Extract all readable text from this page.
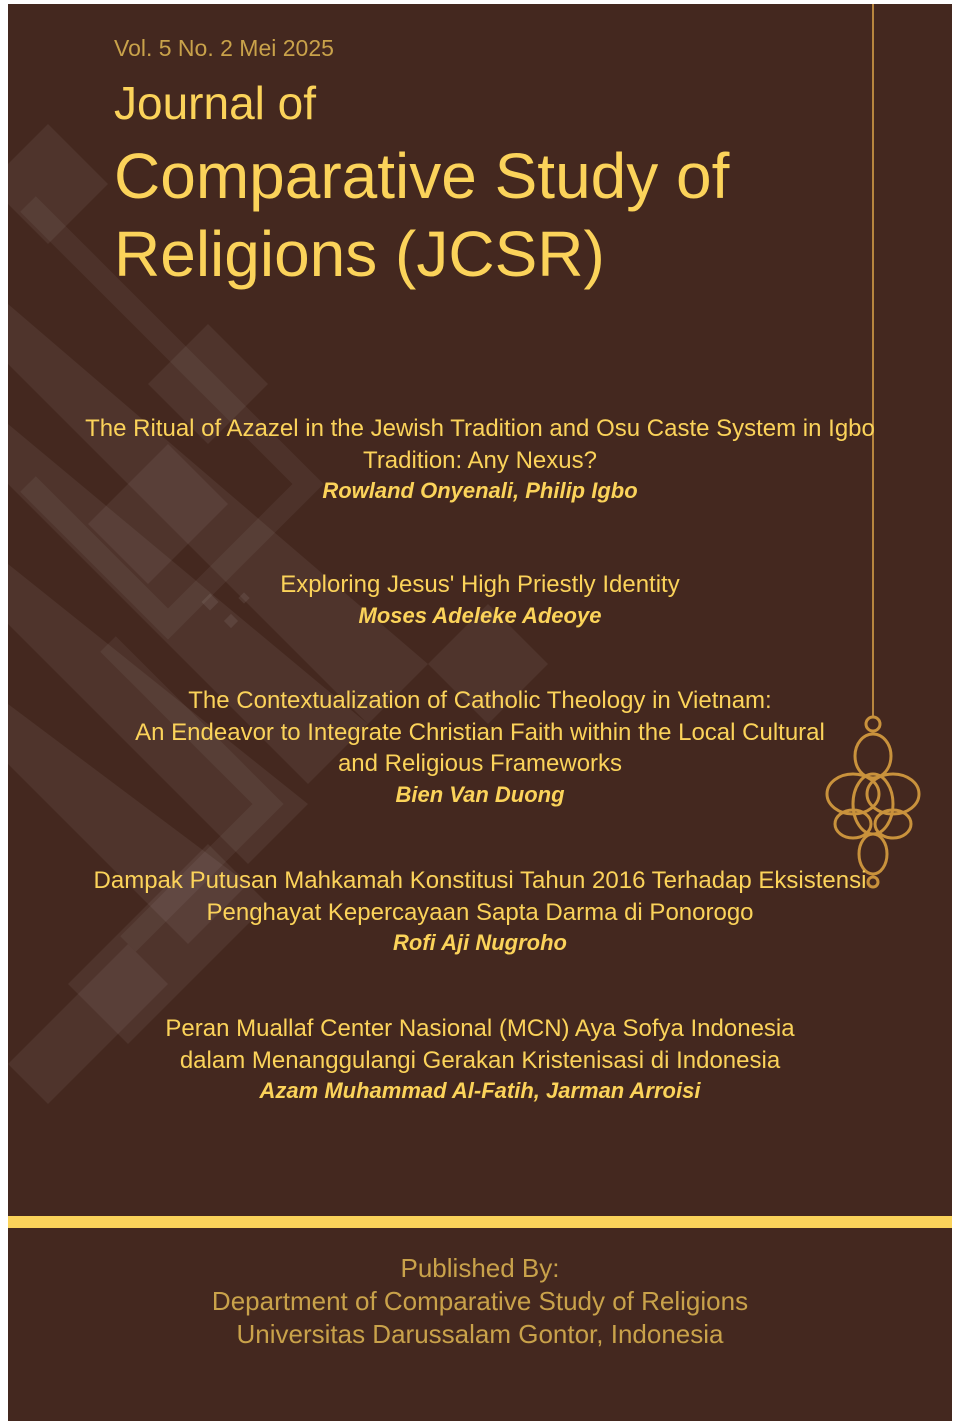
Vol. 5 No. 2 Mei 2025

Journal of
Comparative Study of
Religions (JCSR)

The Ritual of Azazel in the Jewish Tradition and Osu Caste System in Igbo
Tradition: Any Nexus?

Rowland Onyenali, Philip Igbo

Exploring Jesus' High Priestly Identity

Moses Adeleke Adeoye

The Contextualization of Catholic Theology in Vietnam:
An Endeavor to Integrate Christian Faith within the Local Cultural
and Religious Frameworks

Bien Van Duong

Dampak Putusan Mahkamah Konstitusi Tahun 2016 Terhadap Eksistensi
Penghayat Kepercayaan Sapta Darma di Ponorogo

Rofi Aji Nugroho

Peran Muallaf Center Nasional (MCN) Aya Sofya Indonesia
dalam Menanggulangi Gerakan Kristenisasi di Indonesia

Azam Muhammad Al-Fatih, Jarman Arroisi

Published By:
Department of Comparative Study of Religions
Universitas Darussalam Gontor, Indonesia
